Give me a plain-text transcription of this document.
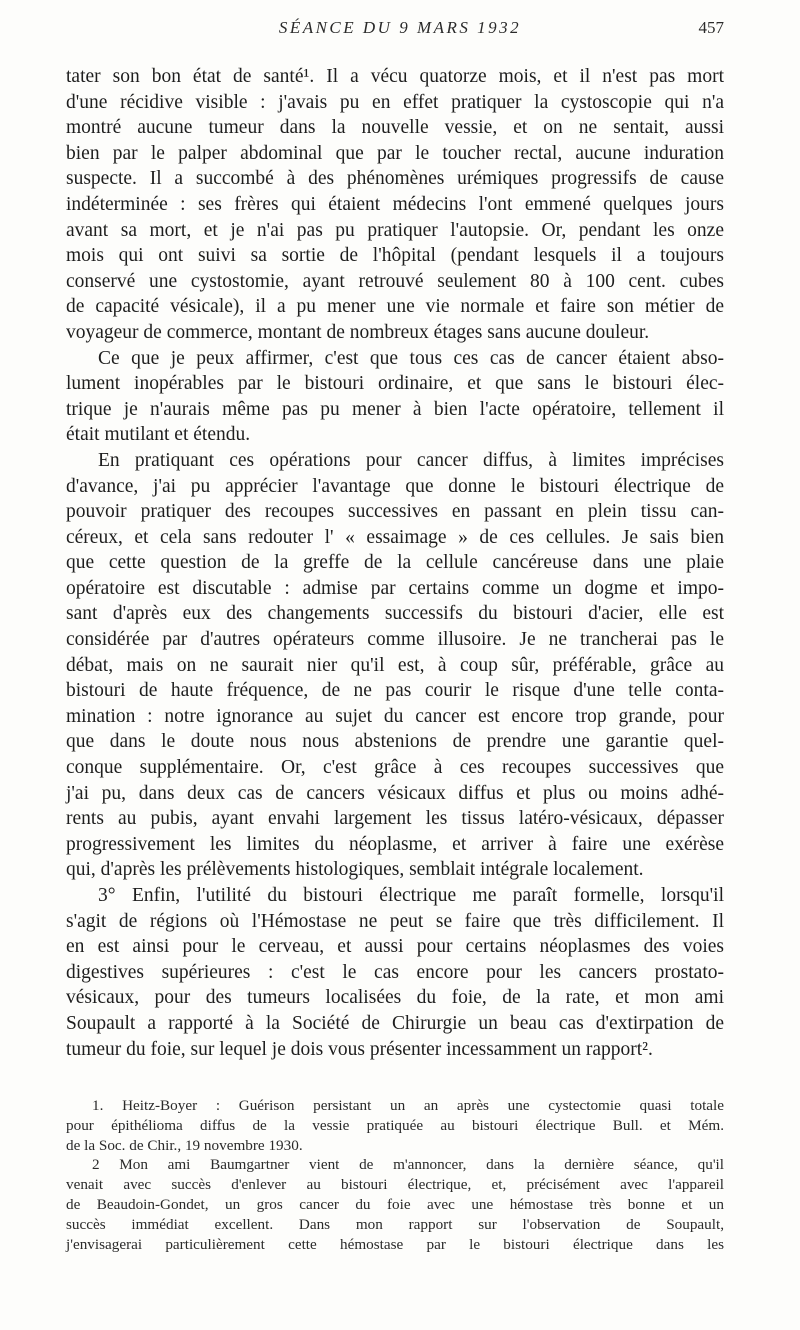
SÉANCE DU 9 MARS 1932	457
tater son bon état de santé¹. Il a vécu quatorze mois, et il n'est pas mort
d'une récidive visible : j'avais pu en effet pratiquer la cystoscopie qui n'a
montré aucune tumeur dans la nouvelle vessie, et on ne sentait, aussi
bien par le palper abdominal que par le toucher rectal, aucune induration
suspecte. Il a succombé à des phénomènes urémiques progressifs de cause
indéterminée : ses frères qui étaient médecins l'ont emmené quelques jours
avant sa mort, et je n'ai pas pu pratiquer l'autopsie. Or, pendant les onze
mois qui ont suivi sa sortie de l'hôpital (pendant lesquels il a toujours
conservé une cystostomie, ayant retrouvé seulement 80 à 100 cent. cubes
de capacité vésicale), il a pu mener une vie normale et faire son métier de
voyageur de commerce, montant de nombreux étages sans aucune douleur.
Ce que je peux affirmer, c'est que tous ces cas de cancer étaient abso-
lument inopérables par le bistouri ordinaire, et que sans le bistouri élec-
trique je n'aurais même pas pu mener à bien l'acte opératoire, tellement il
était mutilant et étendu.
En pratiquant ces opérations pour cancer diffus, à limites imprécises
d'avance, j'ai pu apprécier l'avantage que donne le bistouri électrique de
pouvoir pratiquer des recoupes successives en passant en plein tissu can-
céreux, et cela sans redouter l' « essaimage » de ces cellules. Je sais bien
que cette question de la greffe de la cellule cancéreuse dans une plaie
opératoire est discutable : admise par certains comme un dogme et impo-
sant d'après eux des changements successifs du bistouri d'acier, elle est
considérée par d'autres opérateurs comme illusoire. Je ne trancherai pas le
débat, mais on ne saurait nier qu'il est, à coup sûr, préférable, grâce au
bistouri de haute fréquence, de ne pas courir le risque d'une telle conta-
mination : notre ignorance au sujet du cancer est encore trop grande, pour
que dans le doute nous nous abstenions de prendre une garantie quel-
conque supplémentaire. Or, c'est grâce à ces recoupes successives que
j'ai pu, dans deux cas de cancers vésicaux diffus et plus ou moins adhé-
rents au pubis, ayant envahi largement les tissus latéro-vésicaux, dépasser
progressivement les limites du néoplasme, et arriver à faire une exérèse
qui, d'après les prélèvements histologiques, semblait intégrale localement.
3° Enfin, l'utilité du bistouri électrique me paraît formelle, lorsqu'il
s'agit de régions où l'Hémostase ne peut se faire que très difficilement. Il
en est ainsi pour le cerveau, et aussi pour certains néoplasmes des voies
digestives supérieures : c'est le cas encore pour les cancers prostato-
vésicaux, pour des tumeurs localisées du foie, de la rate, et mon ami
Soupault a rapporté à la Société de Chirurgie un beau cas d'extirpation de
tumeur du foie, sur lequel je dois vous présenter incessamment un rapport².
1. Heitz-Boyer : Guérison persistant un an après une cystectomie quasi totale
pour épithélioma diffus de la vessie pratiquée au bistouri électrique Bull. et Mém.
de la Soc. de Chir., 19 novembre 1930.
2 Mon ami Baumgartner vient de m'annoncer, dans la dernière séance, qu'il
venait avec succès d'enlever au bistouri électrique, et, précisément avec l'appareil
de Beaudoin-Gondet, un gros cancer du foie avec une hémostase très bonne et un
succès immédiat excellent. Dans mon rapport sur l'observation de Soupault,
j'envisagerai particulièrement cette hémostase par le bistouri électrique dans les
